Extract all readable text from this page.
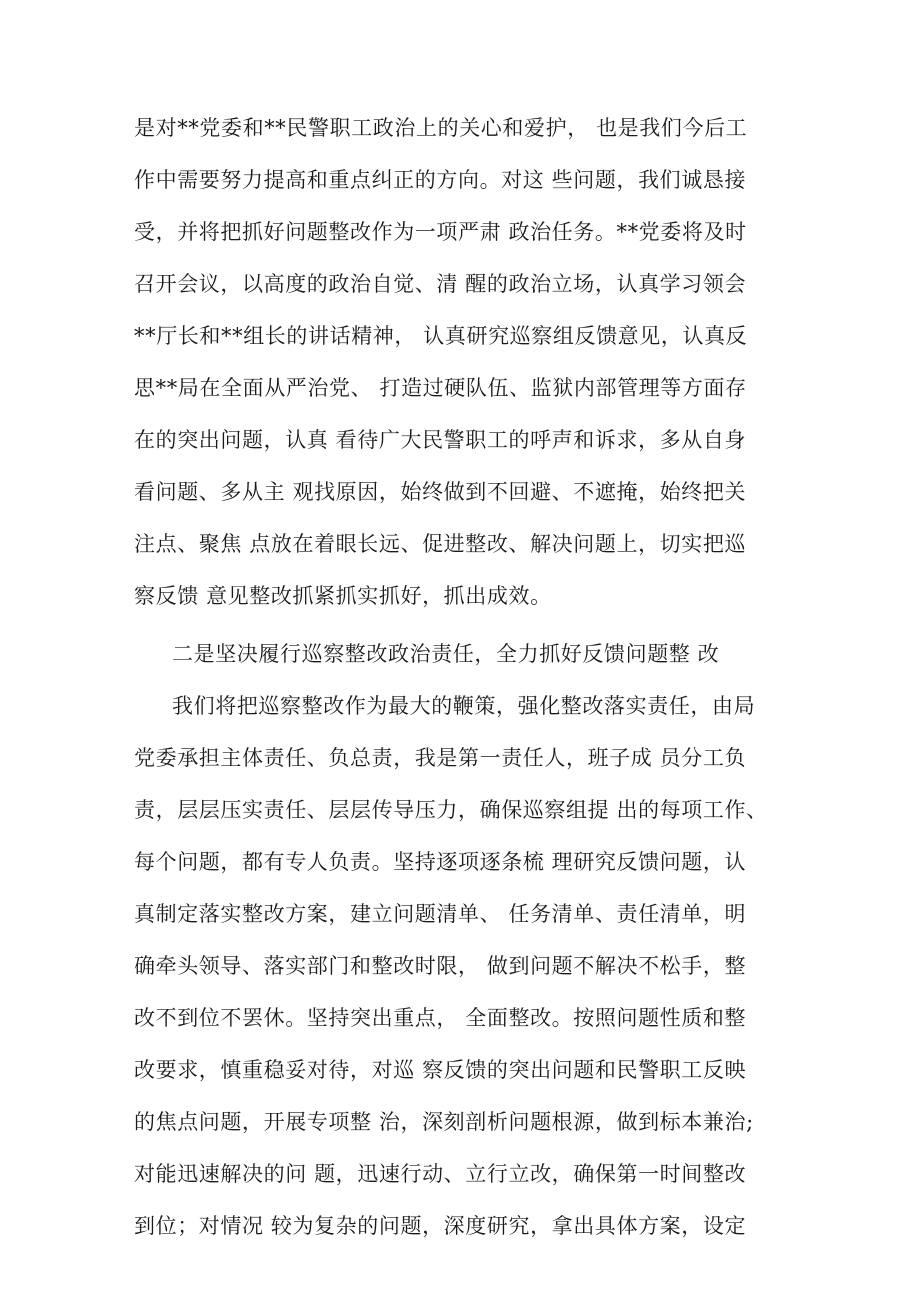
是对**党委和**民警职工政治上的关心和爱护， 也是我们今后工
作中需要努力提高和重点纠正的方向。对这 些问题，我们诚恳接
受，并将把抓好问题整改作为一项严肃 政治任务。**党委将及时
召开会议，以高度的政治自觉、清 醒的政治立场，认真学习领会
**厅长和**组长的讲话精神， 认真研究巡察组反馈意见，认真反
思**局在全面从严治党、 打造过硬队伍、监狱内部管理等方面存
在的突出问题，认真 看待广大民警职工的呼声和诉求，多从自身
看问题、多从主 观找原因，始终做到不回避、不遮掩，始终把关
注点、聚焦 点放在着眼长远、促进整改、解决问题上，切实把巡
察反馈 意见整改抓紧抓实抓好，抓出成效。
二是坚决履行巡察整改政治责任，全力抓好反馈问题整 改
我们将把巡察整改作为最大的鞭策，强化整改落实责任，由局
党委承担主体责任、负总责，我是第一责任人，班子成 员分工负
责，层层压实责任、层层传导压力，确保巡察组提 出的每项工作、
每个问题，都有专人负责。坚持逐项逐条梳 理研究反馈问题，认
真制定落实整改方案，建立问题清单、 任务清单、责任清单，明
确牵头领导、落实部门和整改时限， 做到问题不解决不松手，整
改不到位不罢休。坚持突出重点， 全面整改。按照问题性质和整
改要求，慎重稳妥对待，对巡 察反馈的突出问题和民警职工反映
的焦点问题，开展专项整 治，深刻剖析问题根源，做到标本兼治;
对能迅速解决的问 题，迅速行动、立行立改，确保第一时间整改
到位；对情况 较为复杂的问题，深度研究，拿出具体方案，设定
